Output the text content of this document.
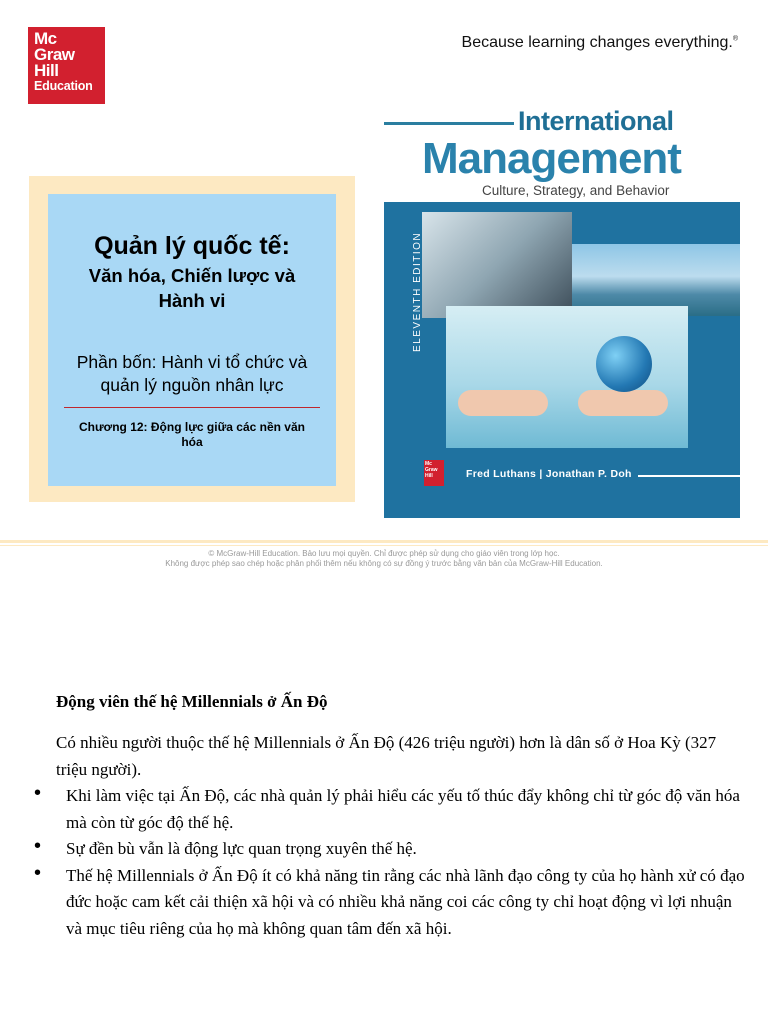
Mc
Graw
Hill
Education
Because learning changes everything.®
Quản lý quốc tế:
Văn hóa, Chiến lược và Hành vi
Phần bốn: Hành vi tổ chức và quản lý nguồn nhân lực
Chương 12: Động lực giữa các nền văn hóa
International
Management
Culture, Strategy, and Behavior
ELEVENTH EDITION
Mc
Graw
Hill	Fred Luthans | Jonathan P. Doh
© McGraw-Hill Education. Bảo lưu mọi quyền. Chỉ được phép sử dụng cho giáo viên trong lớp học.
Không được phép sao chép hoặc phân phối thêm nếu không có sự đồng ý trước bằng văn bản của McGraw-Hill Education.
Động viên thế hệ Millennials ở Ấn Độ
Có nhiều người thuộc thế hệ Millennials ở Ấn Độ (426 triệu người) hơn là dân số ở Hoa Kỳ (327 triệu người).
• Khi làm việc tại Ấn Độ, các nhà quản lý phải hiểu các yếu tố thúc đẩy không chỉ từ góc độ văn hóa mà còn từ góc độ thế hệ.
• Sự đền bù vẫn là động lực quan trọng xuyên thế hệ.
• Thế hệ Millennials ở Ấn Độ ít có khả năng tin rằng các nhà lãnh đạo công ty của họ hành xử có đạo đức hoặc cam kết cải thiện xã hội và có nhiều khả năng coi các công ty chỉ hoạt động vì lợi nhuận và mục tiêu riêng của họ mà không quan tâm đến xã hội.
